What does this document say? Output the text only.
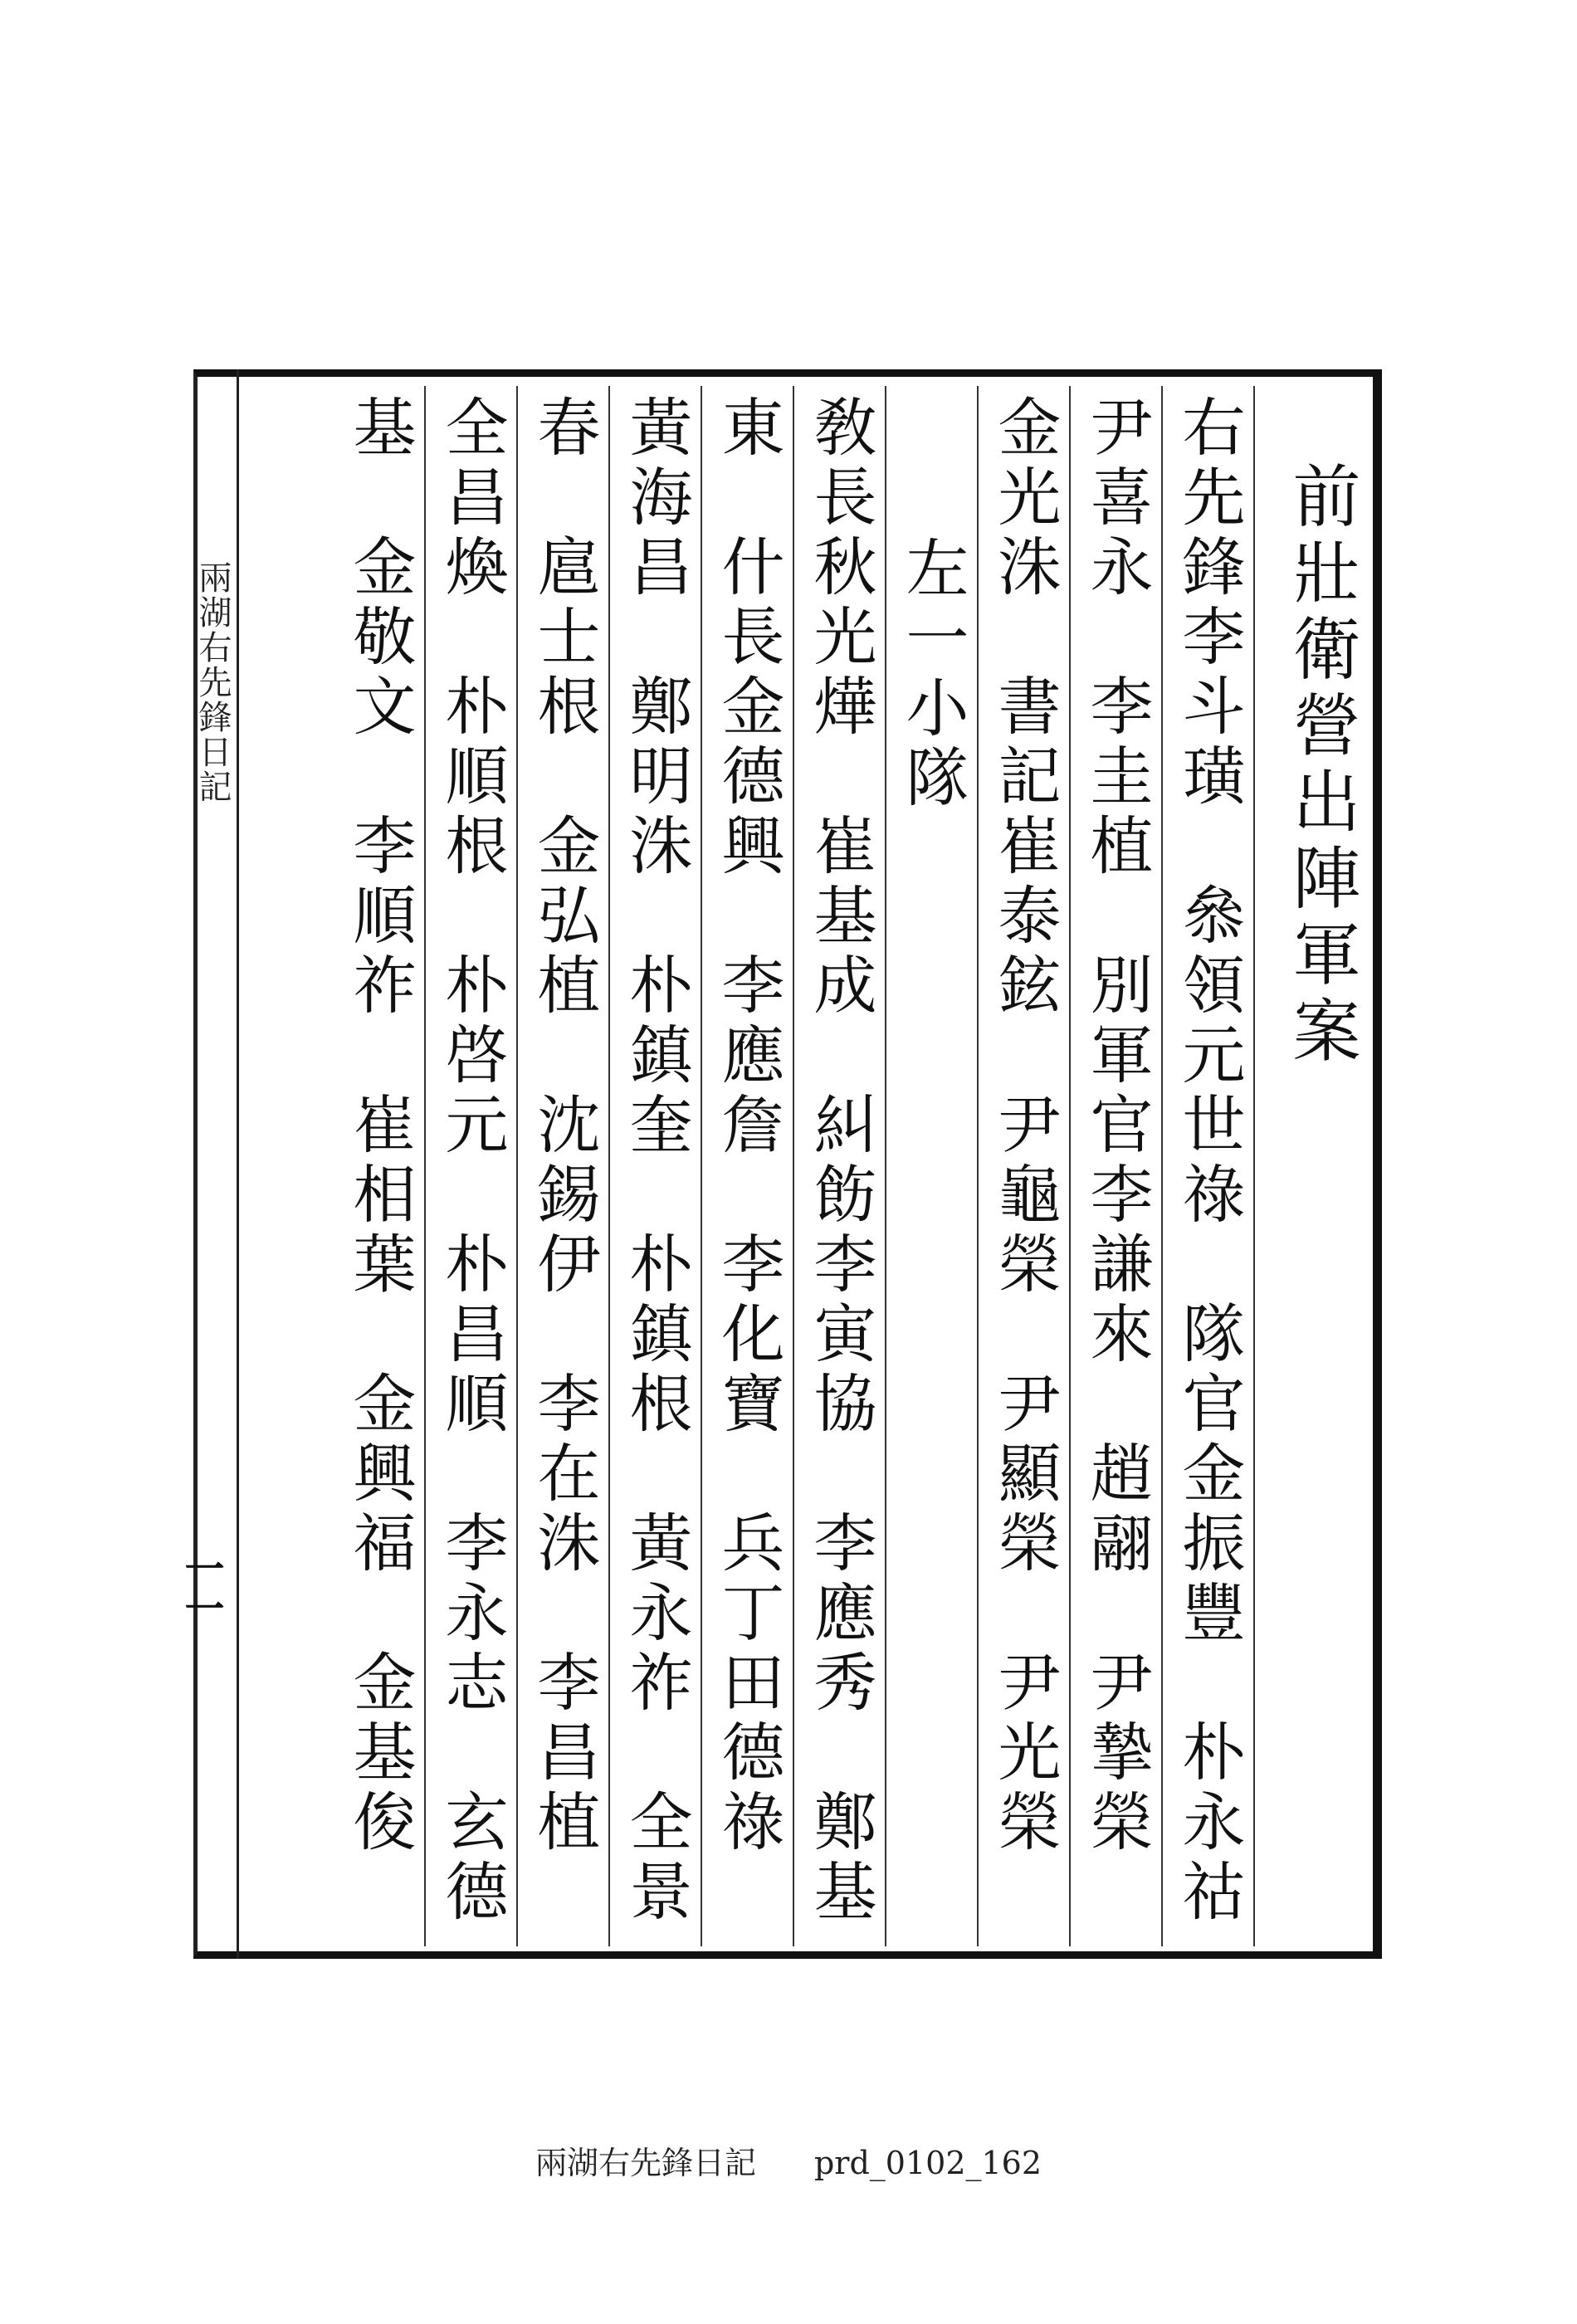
兩湖右先鋒日記
一一
前壯衛營出陣軍案
右先鋒李斗璜　叅領元世祿　隊官金振豐　朴永祜
尹喜永　李圭植　別軍官李謙來　趙翮　尹摯榮
金光洙　書記崔泰鉉　尹龜榮　尹顯榮　尹光榮
左一小隊
敎長秋光燁　崔基成　糾飭李寅協　李應秀　鄭基
東　什長金德興　李應詹　李化寶　兵丁田德祿
黃海昌　鄭明洙　朴鎮奎　朴鎮根　黃永祚　全景
春　扈士根　金弘植　沈錫伊　李在洙　李昌植
全昌煥　朴順根　朴啓元　朴昌順　李永志　玄德
基　金敬文　李順祚　崔相葉　金興福　金基俊
兩湖右先鋒日記 prd_0102_162
